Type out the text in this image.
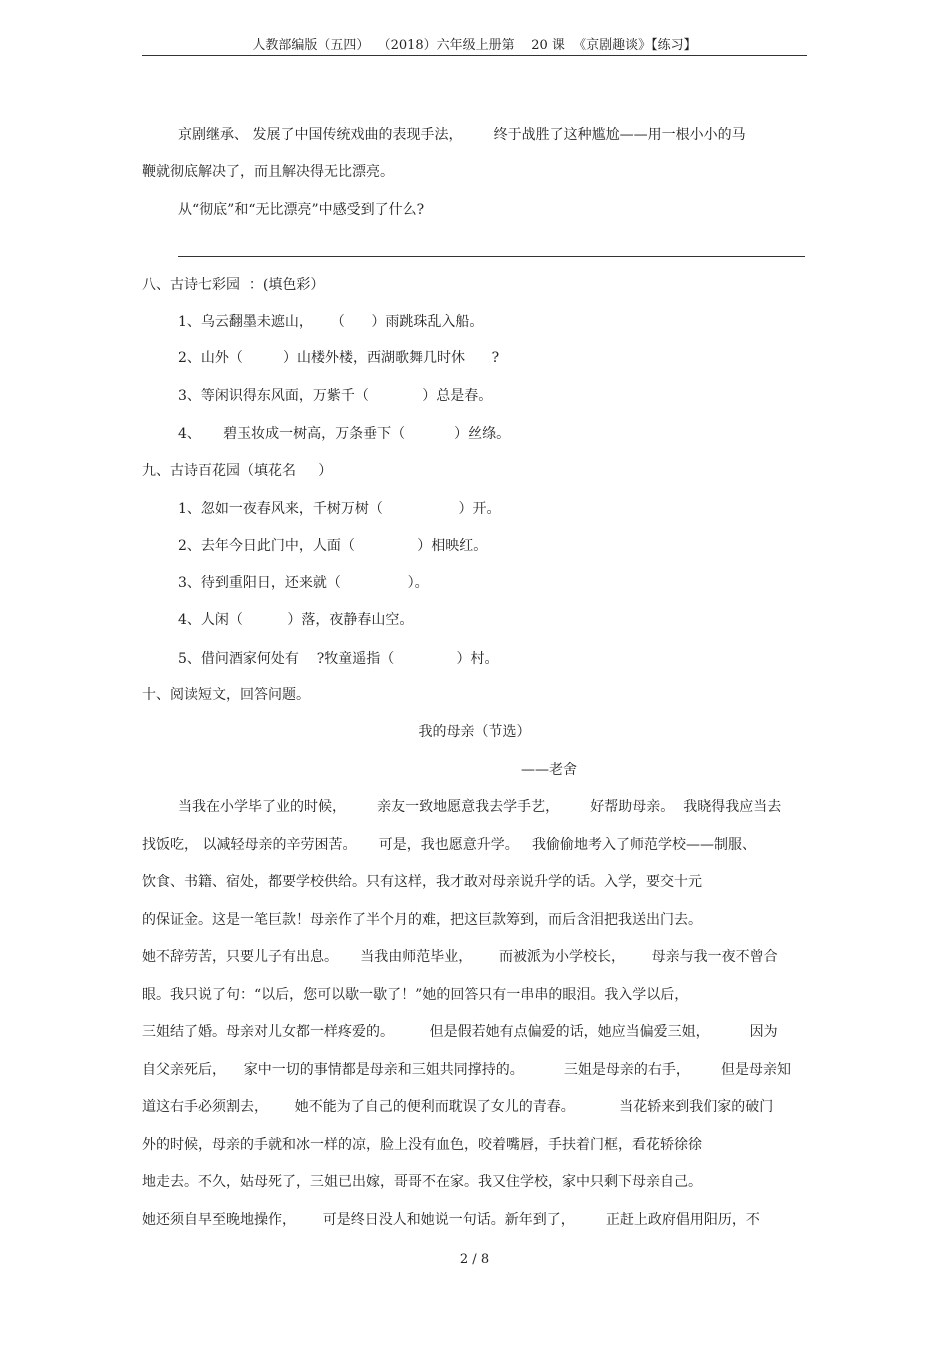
人教部编版（五四）  （2018）六年级上册第    20 课  《京剧趣谈》【练习】
京剧继承、 发展了中国传统戏曲的表现手法，       终于战胜了这种尴尬——用一根小小的马
鞭就彻底解决了，而且解决得无比漂亮。
从“彻底”和“无比漂亮”中感受到了什么?
八、古诗七彩园  ：(填色彩）
1、乌云翻墨未遮山，    （      ）雨跳珠乱入船。
2、山外（         ）山楼外楼，西湖歌舞几时休      ?
3、等闲识得东风面，万紫千（            ）总是春。
4、     碧玉妆成一树高，万条垂下（           ）丝绦。
九、古诗百花园（填花名     ）
1、忽如一夜春风来，千树万树（                 ）开。
2、去年今日此门中，人面（              ）相映红。
3、待到重阳日，还来就（               ）。
4、人闲（          ）落，夜静春山空。
5、借问酒家何处有    ?牧童遥指（              ）村。
十、阅读短文，回答问题。
我的母亲（节选）
——老舍
当我在小学毕了业的时候，       亲友一致地愿意我去学手艺，       好帮助母亲。  我晓得我应当去
找饭吃， 以减轻母亲的辛劳困苦。     可是，我也愿意升学。   我偷偷地考入了师范学校——制服、
饮食、书籍、宿处，都要学校供给。只有这样，我才敢对母亲说升学的话。入学，要交十元
的保证金。这是一笔巨款！母亲作了半个月的难，把这巨款筹到，而后含泪把我送出门去。
她不辞劳苦，只要儿子有出息。     当我由师范毕业，      而被派为小学校长，      母亲与我一夜不曾合
眼。我只说了句：“以后，您可以歇一歇了！”她的回答只有一串串的眼泪。我入学以后，
三姐结了婚。母亲对儿女都一样疼爱的。        但是假若她有点偏爱的话，她应当偏爱三姐，         因为
自父亲死后，    家中一切的事情都是母亲和三姐共同撑持的。         三姐是母亲的右手，       但是母亲知
道这右手必须割去，      她不能为了自己的便利而耽误了女儿的青春。          当花轿来到我们家的破门
外的时候，母亲的手就和冰一样的凉，脸上没有血色，咬着嘴唇，手扶着门框，看花轿徐徐
地走去。不久，姑母死了，三姐已出嫁，哥哥不在家。我又住学校，家中只剩下母亲自己。
她还须自早至晚地操作，      可是终日没人和她说一句话。新年到了，       正赶上政府倡用阳历，不
2 / 8
